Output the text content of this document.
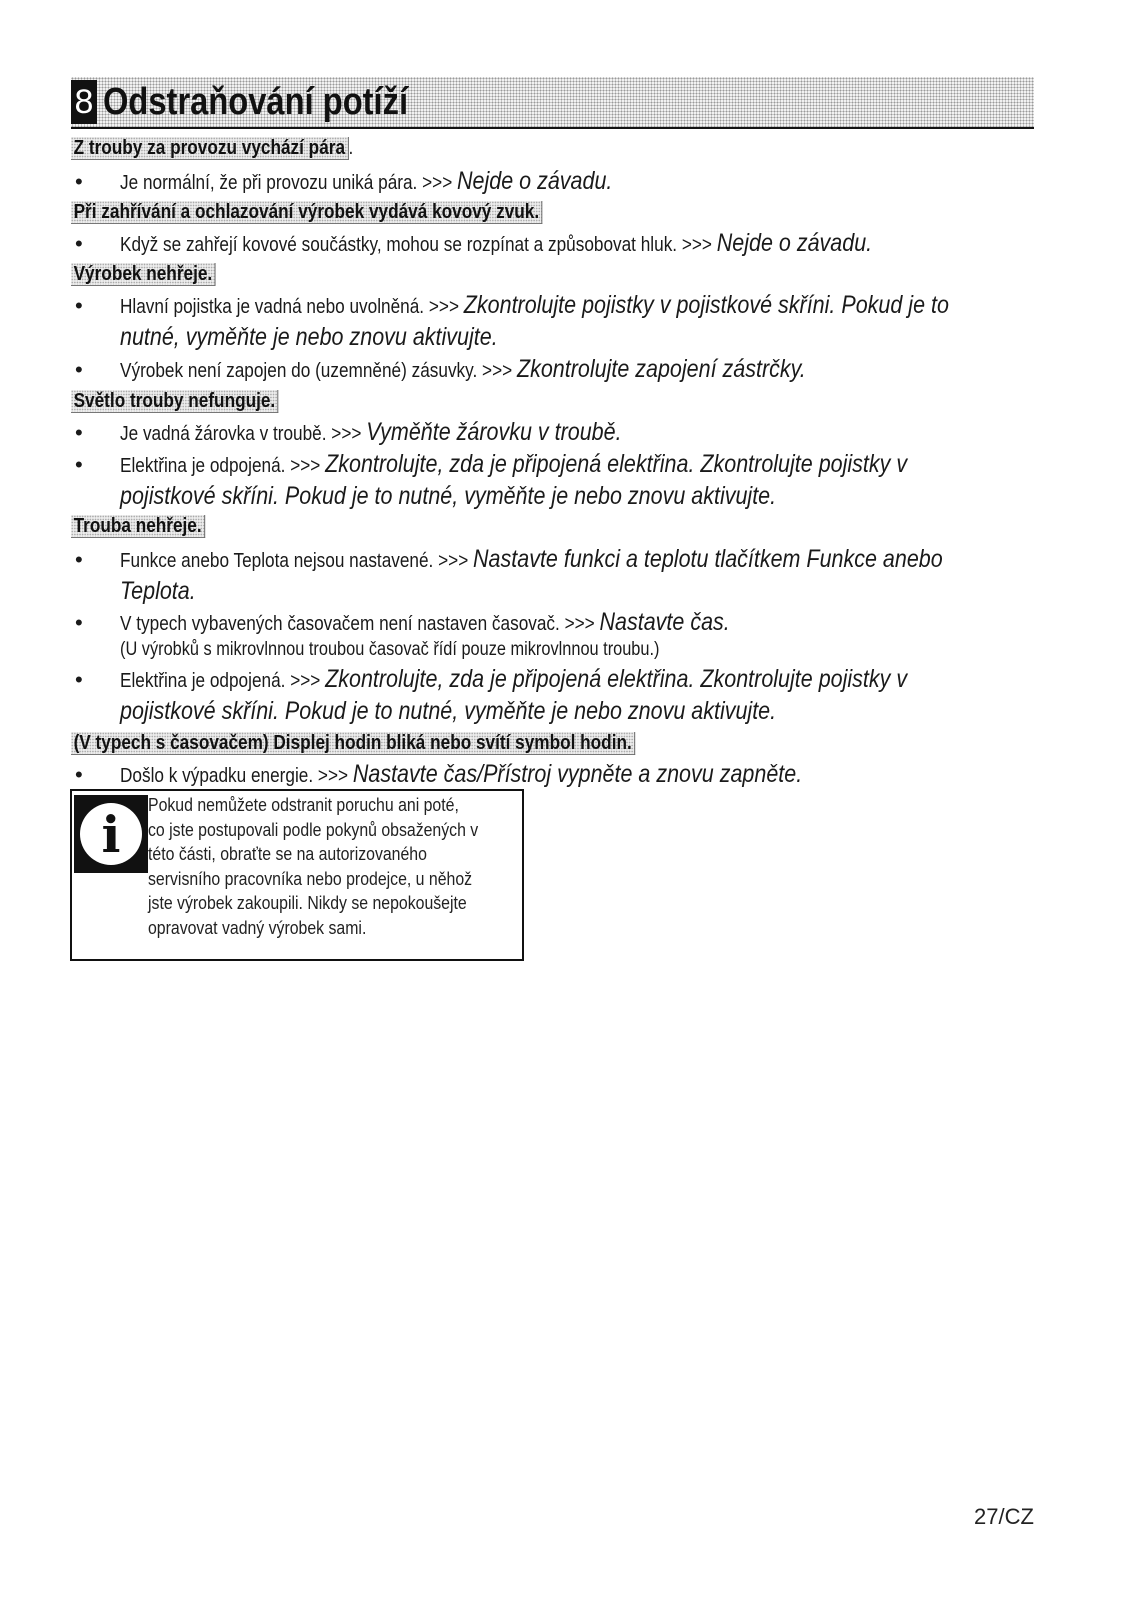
8 Odstraňování potíží
Z trouby za provozu vychází pára .
• Je normální, že při provozu uniká pára. >>> Nejde o závadu.
Při zahřívání a ochlazování výrobek vydává kovový zvuk.
• Když se zahřejí kovové součástky, mohou se rozpínat a způsobovat hluk. >>> Nejde o závadu.
Výrobek nehřeje.
• Hlavní pojistka je vadná nebo uvolněná. >>> Zkontrolujte pojistky v pojistkové skříni. Pokud je to
nutné, vyměňte je nebo znovu aktivujte.
• Výrobek není zapojen do (uzemněné) zásuvky. >>> Zkontrolujte zapojení zástrčky.
Světlo trouby nefunguje.
• Je vadná žárovka v troubě. >>> Vyměňte žárovku v troubě.
• Elektřina je odpojená. >>> Zkontrolujte, zda je připojená elektřina. Zkontrolujte pojistky v
pojistkové skříni. Pokud je to nutné, vyměňte je nebo znovu aktivujte.
Trouba nehřeje.
• Funkce anebo Teplota nejsou nastavené. >>> Nastavte funkci a teplotu tlačítkem Funkce anebo
Teplota.
• V typech vybavených časovačem není nastaven časovač. >>> Nastavte čas.
(U výrobků s mikrovlnnou troubou časovač řídí pouze mikrovlnnou troubu.)
• Elektřina je odpojená. >>> Zkontrolujte, zda je připojená elektřina. Zkontrolujte pojistky v
pojistkové skříni. Pokud je to nutné, vyměňte je nebo znovu aktivujte.
(V typech s časovačem) Displej hodin bliká nebo svítí symbol hodin.
• Došlo k výpadku energie. >>> Nastavte čas/Přístroj vypněte a znovu zapněte.
i Pokud nemůžete odstranit poruchu ani poté,
co jste postupovali podle pokynů obsažených v
této části, obraťte se na autorizovaného
servisního pracovníka nebo prodejce, u něhož
jste výrobek zakoupili. Nikdy se nepokoušejte
opravovat vadný výrobek sami.
27/CZ
